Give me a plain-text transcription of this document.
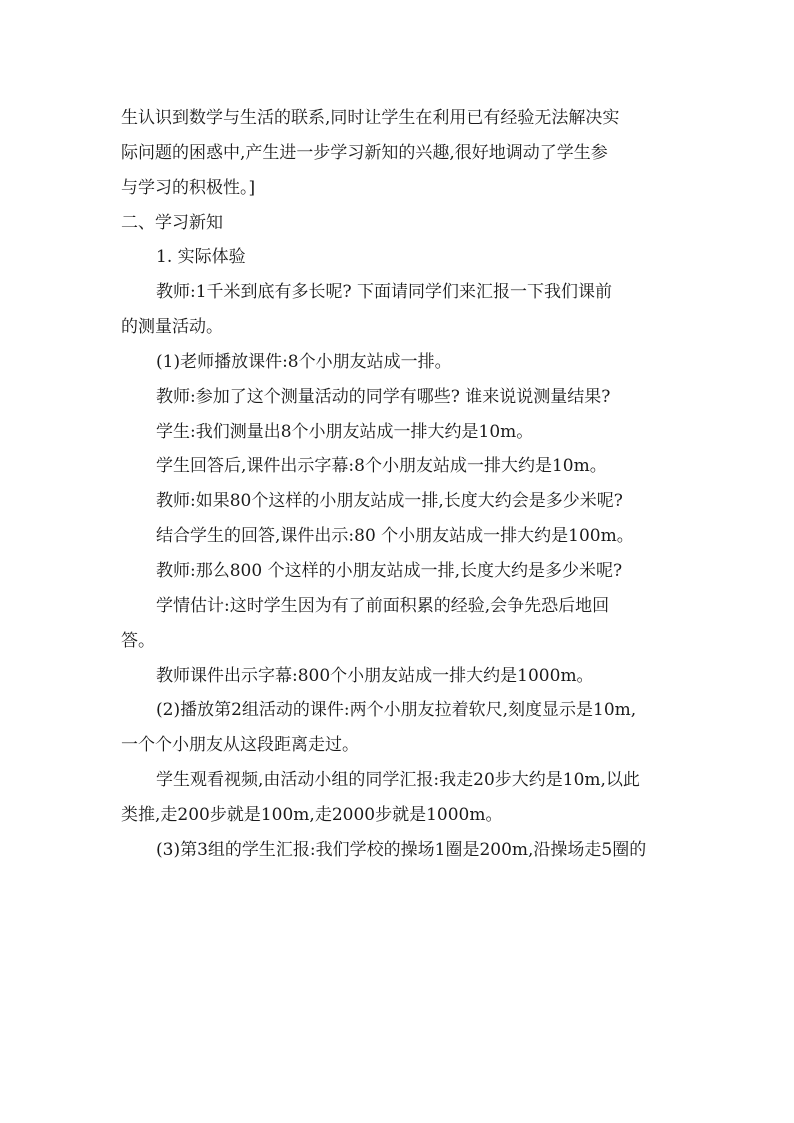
生认识到数学与生活的联系,同时让学生在利用已有经验无法解决实
际问题的困惑中,产生进一步学习新知的兴趣,很好地调动了学生参
与学习的积极性。]
二、学习新知
1. 实际体验
教师:1千米到底有多长呢? 下面请同学们来汇报一下我们课前
的测量活动。
(1)老师播放课件:8个小朋友站成一排。
教师:参加了这个测量活动的同学有哪些? 谁来说说测量结果?
学生:我们测量出8个小朋友站成一排大约是10m。
学生回答后,课件出示字幕:8个小朋友站成一排大约是10m。
教师:如果80个这样的小朋友站成一排,长度大约会是多少米呢?
结合学生的回答,课件出示:80 个小朋友站成一排大约是100m。
教师:那么800 个这样的小朋友站成一排,长度大约是多少米呢?
学情估计:这时学生因为有了前面积累的经验,会争先恐后地回
答。
教师课件出示字幕:800个小朋友站成一排大约是1000m。
(2)播放第2组活动的课件:两个小朋友拉着软尺,刻度显示是10m,
一个个小朋友从这段距离走过。
学生观看视频,由活动小组的同学汇报:我走20步大约是10m,以此
类推,走200步就是100m,走2000步就是1000m。
(3)第3组的学生汇报:我们学校的操场1圈是200m,沿操场走5圈的
